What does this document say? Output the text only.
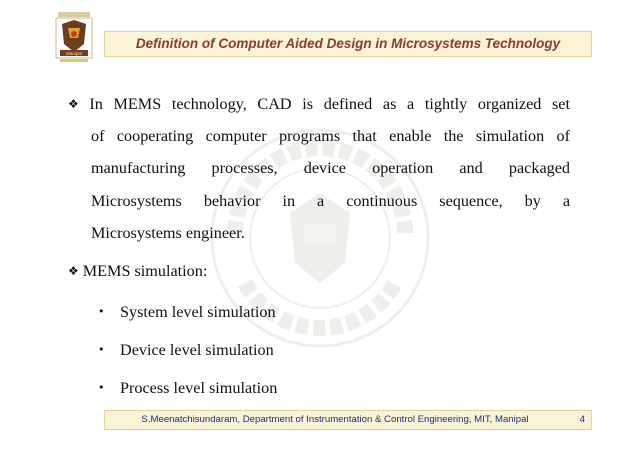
Manipal
Definition of Computer Aided Design in Microsystems Technology
❖ In MEMS technology, CAD is defined as a tightly organized set
of cooperating computer programs that enable the simulation of
manufacturing processes, device operation and packaged
Microsystems behavior in a continuous sequence, by a
Microsystems engineer.
❖ MEMS simulation:
• System level simulation
• Device level simulation
• Process level simulation
S.Meenatchisundaram, Department of Instrumentation & Control Engineering, MIT, Manipal	4
